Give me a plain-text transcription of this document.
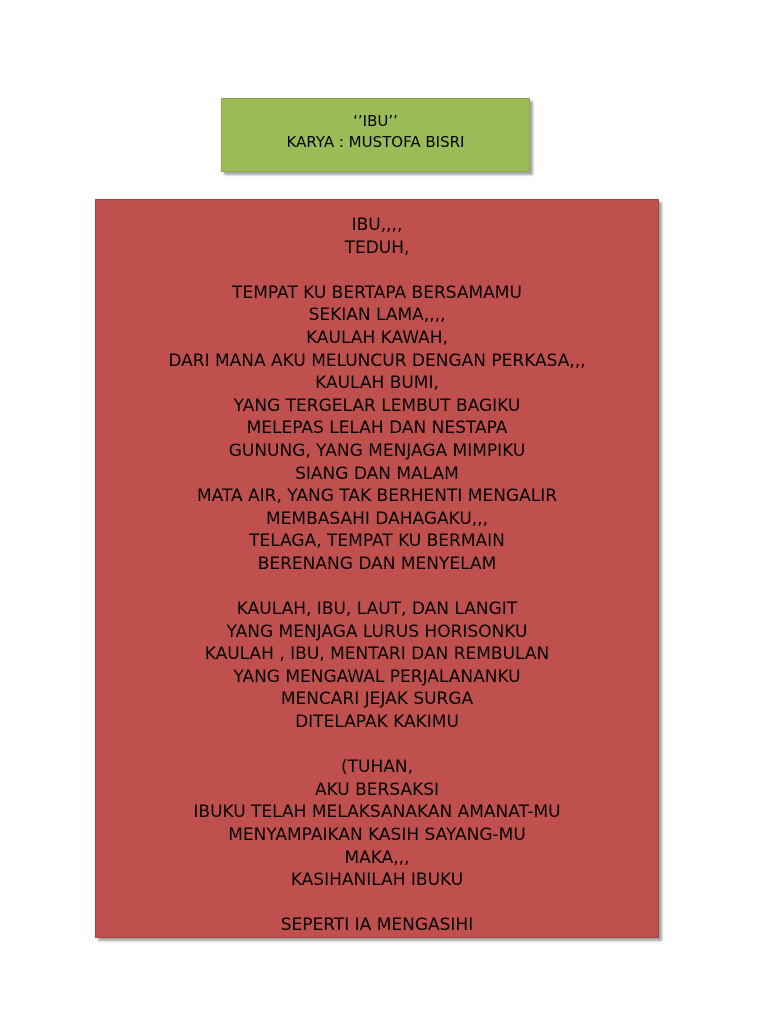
‘’IBU’’
KARYA : MUSTOFA BISRI
IBU,,,,
TEDUH,
TEMPAT KU BERTAPA BERSAMAMU
SEKIAN LAMA,,,,
KAULAH KAWAH,
DARI MANA AKU MELUNCUR DENGAN PERKASA,,,
KAULAH BUMI,
YANG TERGELAR LEMBUT BAGIKU
MELEPAS LELAH DAN NESTAPA
GUNUNG, YANG MENJAGA MIMPIKU
SIANG DAN MALAM
MATA AIR, YANG TAK BERHENTI MENGALIR
MEMBASAHI DAHAGAKU,,,
TELAGA, TEMPAT KU BERMAIN
BERENANG DAN MENYELAM
KAULAH, IBU, LAUT, DAN LANGIT
YANG MENJAGA LURUS HORISONKU
KAULAH , IBU, MENTARI DAN REMBULAN
YANG MENGAWAL PERJALANANKU
MENCARI JEJAK SURGA
DITELAPAK KAKIMU
(TUHAN,
AKU BERSAKSI
IBUKU TELAH MELAKSANAKAN AMANAT-MU
MENYAMPAIKAN KASIH SAYANG-MU
MAKA,,,
KASIHANILAH IBUKU
SEPERTI IA MENGASIHI
